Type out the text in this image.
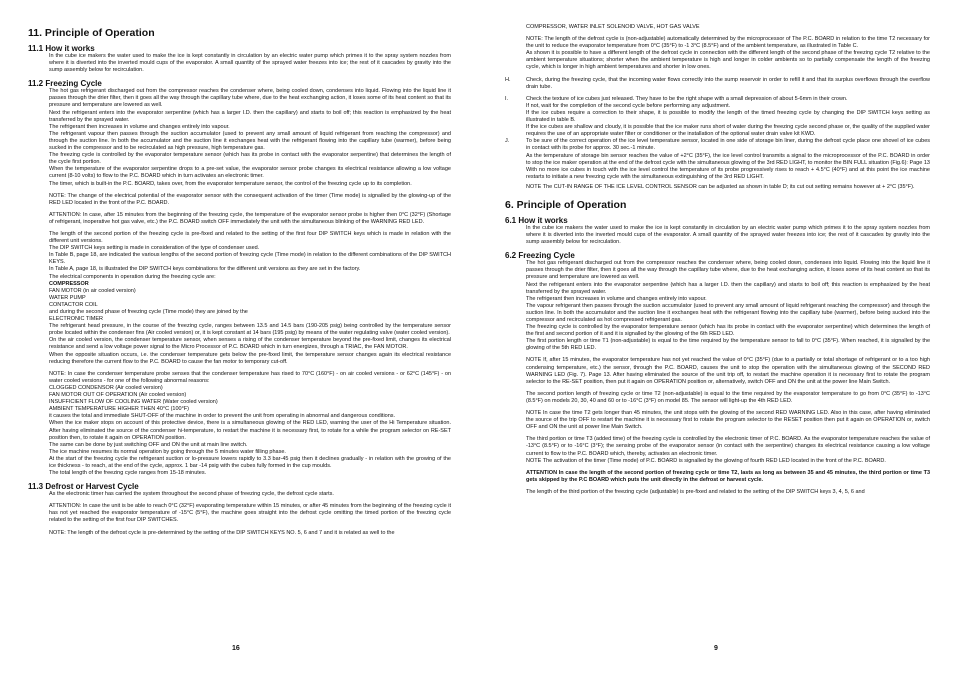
11. Principle of Operation
11.1 How it works

In the cube ice makers the water used to make the ice is kept constantly in circulation by an electric water pump which primes it to the spray system nozzles from where it is diverted into the inverted mould cups of the evaporator. A small quantity of the sprayed water freezes into ice; the rest of it cascades by gravity into the sump assembly below for recirculation.

11.2 Freezing Cycle

The hot gas refrigerant discharged out from the compressor reaches the condenser where, being cooled down, condenses into liquid. Flowing into the liquid line it passes through the drier filter, then it goes all the way through the capillary tube where, due to the heat exchanging action, it loses some of its heat content so that its pressure and temperature are lowered as well.

Next the refrigerant enters into the evaporator serpentine (which has a larger I.D. then the capillary) and starts to boil off; this reaction is emphasized by the heat transferred by the sprayed water.

The refrigerant then increases in volume and changes entirely into vapour.

The refrigerant vapour then passes through the suction accumulator (used to prevent any small amount of liquid refrigerant from reaching the compressor) and through the suction line. In both the accumulator and the suction line it exchanges heat with the refrigerant flowing into the capillary tube (warmer), before being sucked in the compressor and to be recirculated as high pressure, high temperature gas.

The freezing cycle is controlled by the evaporator temperature sensor (which has its probe in contact with the evaporator serpentine) that determines the length of the cycle first portion.

When the temperature of the evaporator serpentine drops to a pre-set value, the evaporator sensor probe changes its electrical resistance allowing a low voltage current (8-10 volts) to flow to the P.C. BOARD which in turn activates an electronic timer.

The timer, which is built-in the P.C. BOARD, takes over, from the evaporator temperature sensor, the control of the freezing cycle up to its completion.

NOTE: The change of the electrical potential of the evaporator sensor with the consequent activation of the timer (Time mode) is signalled by the glowing-up of the RED LED located in the front of the P.C. BOARD.

ATTENTION: In case, after 15 minutes from the beginning of the freezing cycle, the temperature of the evaporator sensor probe is higher then 0°C (32°F) (Shortage of refrigerant, inoperative hot gas valve, etc.) the P.C. BOARD switch OFF immediately the unit with the simultaneous blinking of the WARNING RED LED.

The length of the second portion of the freezing cycle is pre-fixed and related to the setting of the first four DIP SWITCH keys which is made in relation with the different unit versions.

The DIP SWITCH keys setting is made in consideration of the type of condenser used.

In Table B, page 18, are indicated the various lengths of the second portion of freezing cycle (Time mode) in relation to the different combinations of the DIP SWITCH KEYS.

In Table A, page 18, is illustrated the DIP SWITCH keys combinations for the different unit versions as they are set in the factory.

The electrical components in operation during the freezing cycle are:

COMPRESSOR

FAN MOTOR (in air cooled version)

WATER PUMP

CONTACTOR COIL

and during the second phase of freezing cycle (Time mode) they are joined by the

ELECTRONIC TIMER

The refrigerant head pressure, in the course of the freezing cycle, ranges between 13.5 and 14.5 bars (190-205 psig) being controlled by the temperature sensor probe located within the condenser fins (Air cooled version) or, it is kept constant at 14 bars (195 psig) by means of the water regulating valve (water cooled version).

On the air cooled version, the condenser temperature sensor, when senses a rising of the condenser temperature beyond the pre-fixed limit, changes its electrical resistance and send a low voltage power signal to the Micro Processor of P.C. BOARD which in turn energizes, through a TRIAC, the FAN MOTOR.

When the opposite situation occurs, i.e. the condenser temperature gets below the pre-fixed limit, the temperature sensor changes again its electrical resistance reducing therefore the current flow to the P.C. BOARD to cause the fan motor to temporary cut-off.

NOTE: In case the condenser temperature probe senses that the condenser temperature has rised to 70°C (160°F) - on air cooled versions - or 62°C (145°F) - on water cooled versions - for one of the following abnormal reasons:

CLOGGED CONDENSOR (Air cooled version)

FAN MOTOR OUT OF OPERATION (Air cooled version)

INSUFFICIENT FLOW OF COOLING WATER (Water cooled version)

AMBIENT TEMPERATURE HIGHER THEN 40°C (100°F)

it causes the total and immediate SHUT-OFF of the machine in order to prevent the unit from operating in abnormal and dangerous conditions.

When the ice maker stops on account of this protective device, there is a simultaneous glowing of the RED LED, warning the user of the Hi Temperature situation. After having eliminated the source of the condenser hi-temperature, to restart the machine it is necessary first, to rotate for a while the program selector on RE-SET position then, to rotate it again on OPERATION position.

The same can be done by just switching OFF and ON the unit at main line switch.

The ice machine resumes its normal operation by going through the 5 minutes water filling phase.

At the start of the freezing cycle the refrigerant suction or lo-pressure lowers rapidly to 3.3 bar-45 psig then it declines gradually - in relation with the growing of the ice thickness - to reach, at the end of the cycle, approx. 1 bar -14 psig with the cubes fully formed in the cup moulds.

The total length of the freezing cycle ranges from 15-18 minutes.

11.3 Defrost or Harvest Cycle

As the electronic timer has carried the system throughout the second phase of freezing cycle, the defrost cycle starts.

ATTENTION: In case the unit is be able to reach 0°C (32°F) evaporating temperature within 15 minutes, or after 45 minutes from the beginning of the freezing cycle it has not yet reached the evaporator temperature of -15°C (5°F), the machine goes straight into the defrost cycle omitting the timed portion of the freezing cycle related to the setting of the first four DIP SWITCHES.

NOTE: The length of the defrost cycle is pre-determined by the setting of the DIP SWITCH KEYS NO. 5, 6 and 7 and it is related as well to the

16

COMPRESSOR, WATER INLET SOLENOID VALVE, HOT GAS VALVE

NOTE: The length of the defrost cycle is (non-adjustable) automatically determined by the microprocessor of The P.C. BOARD in relation to the time T2 necessary for the unit to reduce the evaporator temperature from 0°C (35°F) to -1 3°C (8.5°F) and of the ambient temperature, as illustrated in Table C.

As shown it is possible to have a different length of the defrost cycle in connection with the different length of the second phase of the freezing cycle T2 relative to the ambient temperature situations; shorter when the ambient temperature is high and longer in colder ambients so to partially compensate the length of the freezing cycle, which is longer in high ambient temperatures and shorter in low ones.

H.	Check, during the freezing cycle, that the incoming water flows correctly into the sump reservoir in order to refill it and that its surplus overflows through the overflow drain tube.

I.	Check the texture of ice cubes just released. They have to be the right shape with a small depression of about 5-6mm in their crown.

If not, wait for the completion of the second cycle before performing any adjustment.

If the ice cubes require a correction to their shape, it is possible to modify the length of the timed freezing cycle by changing the DIP SWITCH keys setting as illustrated in table B.

If the ice cubes are shallow and cloudy, it is possible that the ice maker runs short of water during the freezing cycle second phase or, the quality of the supplied water requires the use of an appropriate water filter or conditioner or the installation of the optional water drain valve kit KWD.

J.	To be sure of the correct operation of the ice level temperature sensor, located in one side of storage bin liner, during the defrost cycle place one shovel of ice cubes in contact with its probe for approx. 30 sec.-1 minute.

As the temperature of storage bin sensor reaches the value of +2°C (35°F), the ice level control transmits a signal to the microprocessor of the P.C. BOARD in order to stop the ice maker operation at the end of the defrost cycle with the simultaneous glowing of the 3rd RED LIGHT, to monitor the BIN FULL situation (Fig.6): Page 13

With no more ice cubes in touch with the ice level control the temperature of its probe progressively rises to reach + 4.5°C (40°F) and at this point the ice machine restarts to initiate a new freezing cycle with the simultaneous extinguishing of the 3rd RED LIGHT.

NOTE The CUT-IN RANGE OF THE ICE LEVEL CONTROL SENSOR can be adjusted as shown in table D; its cut out setting remains however at + 2°C (35°F).

6. Principle of Operation
6.1 How it works

In the cube ice makers the water used to make the ice is kept constantly in circulation by an electric water pump which primes it to the spray system nozzles from where it is diverted into the inverted mould cups of the evaporator. A small quantity of the sprayed water freezes into ice; the rest of it cascades by gravity into the sump assembly below for recirculation.

6.2 Freezing Cycle

The hot gas refrigerant discharged out from the compressor reaches the condenser where, being cooled down, condenses into liquid. Flowing into the liquid line it passes through the drier filter, then it goes all the way through the capillary tube where, due to the heat exchanging action, it loses some of its heat content so that its pressure and temperature are lowered as well.

Next the refrigerant enters into the evaporator serpentine (which has a larger I.D. then the capillary) and starts to boil off; this reaction is emphasized by the heat transferred by the sprayed water.

The refrigerant then increases in volume and changes entirely into vapour.

The vapour refrigerant then passes through the suction accumulator (used to prevent any small amount of liquid refrigerant reaching the compressor) and through the suction line. In both the accumulator and the suction line it exchanges heat with the refrigerant flowing into the capillary tube (warmer), before being sucked into the compressor and recirculated as hot compressed refrigerant gas.

The freezing cycle is controlled by the evaporator temperature sensor (which has its probe in contact with the evaporator serpentine) which determines the length of the first and second portion of it and it is signalled by the glowing of the 6th RED LED.

The first portion length or time T1 (non-adjustable) is equal to the time required by the temperature sensor to fall to 0°C (35°F). When reached, it is signalled by the glowing of the 5th RED LED.

NOTE If, after 15 minutes, the evaporator temperature has not yet reached the value of 0°C (35°F) (due to a partially or total shortage of refrigerant or to a too high condensing temperature, etc.) the sensor, through the P.C. BOARD, causes the unit to stop the operation with the simultaneous glowing of the SECOND RED WARNING LED (Fig. 7). Page 13. After having eliminated the source of the unit trip off, to restart the machine operation it is necessary first to rotate the program selector to the RE-SET position, then put it again on OPERATION position or, alternatively, switch OFF and ON the unit at the power line Main Switch.

The second portion length of freezing cycle or time T2 (non-adjustable) is equal to the time required by the evaporator temperature to go from 0°C (35°F) to -13°C (8.5°F) on models 20, 30, 40 and 60 or to -16°C (3°F) on model 85. The sensor will light-up the 4th RED LED.

NOTE In case the time T2 gets longer than 45 minutes, the unit stops with the glowing of the second RED WARNING LED. Also in this case, after having eliminated the source of the trip OFF to restart the machine it is necessary first to rotate the program selector to the RESET position then put it again on OPERATION or, switch OFF and ON the unit at power line Main Switch.

The third portion or time T3 (added time) of the freezing cycle is controlled by the electronic timer of P.C. BOARD. As the evaporator temperature reaches the value of -13°C (8.5°F) or to -16°C (3°F); the sensing probe of the evaporator sensor (in contact with the serpentine) changes its electrical resistance causing a low voltage current to flow to the P.C. BOARD which, thereby, activates an electronic timer.

NOTE The activation of the timer (Time mode) of P.C. BOARD is signalled by the glowing of fourth RED LED located in the front of the P.C. BOARD.

ATTENTION In case the length of the second portion of freezing cycle or time T2, lasts as long as between 35 and 45 minutes, the third portion or time T3 gets skipped by the P.C BOARD which puts the unit directly in the defrost or harvest cycle.

The length of the third portion of the freezing cycle (adjustable) is pre-fixed and related to the setting of the DIP SWITCH keys 3, 4, 5, 6 and

9
